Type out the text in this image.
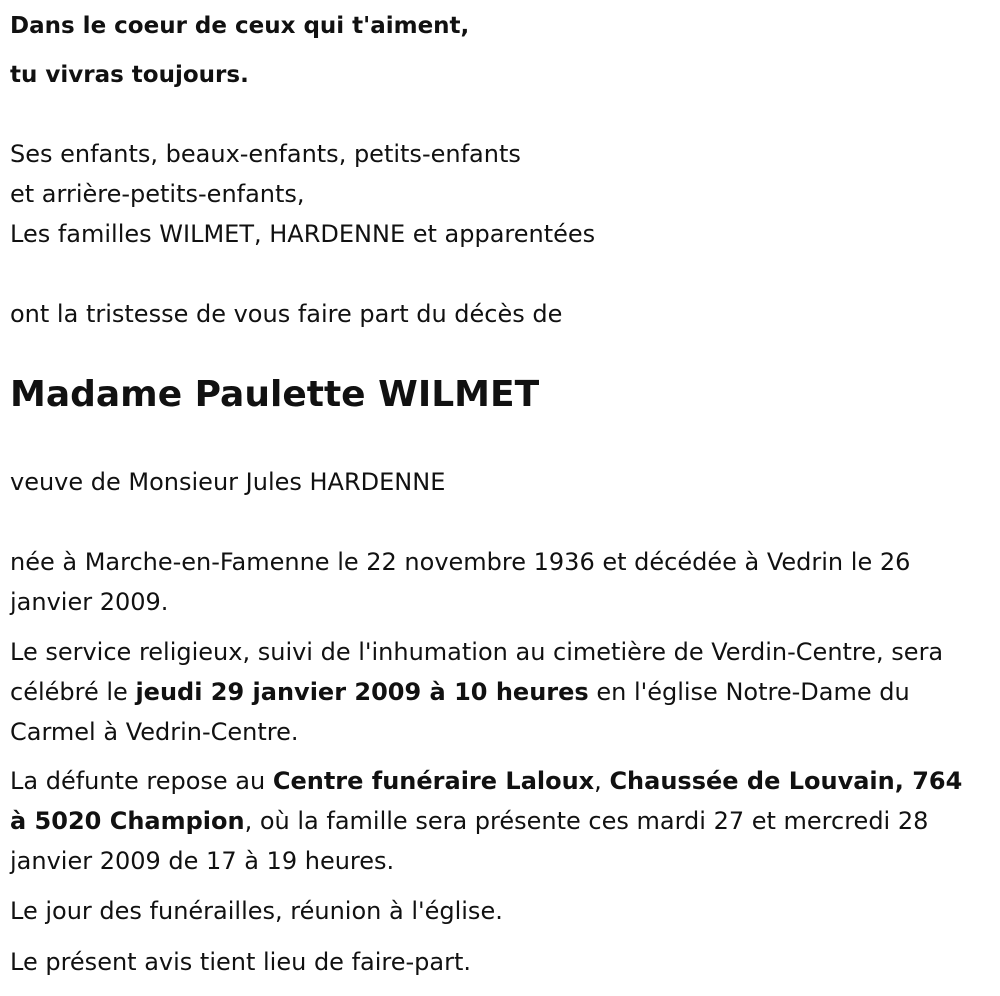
Dans le coeur de ceux qui t'aiment,
tu vivras toujours.
Ses enfants, beaux-enfants, petits-enfants
et arrière-petits-enfants,
Les familles WILMET, HARDENNE et apparentées
ont la tristesse de vous faire part du décès de
Madame Paulette WILMET
veuve de Monsieur Jules HARDENNE
née à Marche-en-Famenne le 22 novembre 1936 et décédée à Vedrin le 26 janvier 2009.
Le service religieux, suivi de l'inhumation au cimetière de Verdin-Centre, sera célébré le jeudi 29 janvier 2009 à 10 heures en l'église Notre-Dame du Carmel à Vedrin-Centre.
La défunte repose au Centre funéraire Laloux, Chaussée de Louvain, 764 à 5020 Champion, où la famille sera présente ces mardi 27 et mercredi 28 janvier 2009 de 17 à 19 heures.
Le jour des funérailles, réunion à l'église.
Le présent avis tient lieu de faire-part.
